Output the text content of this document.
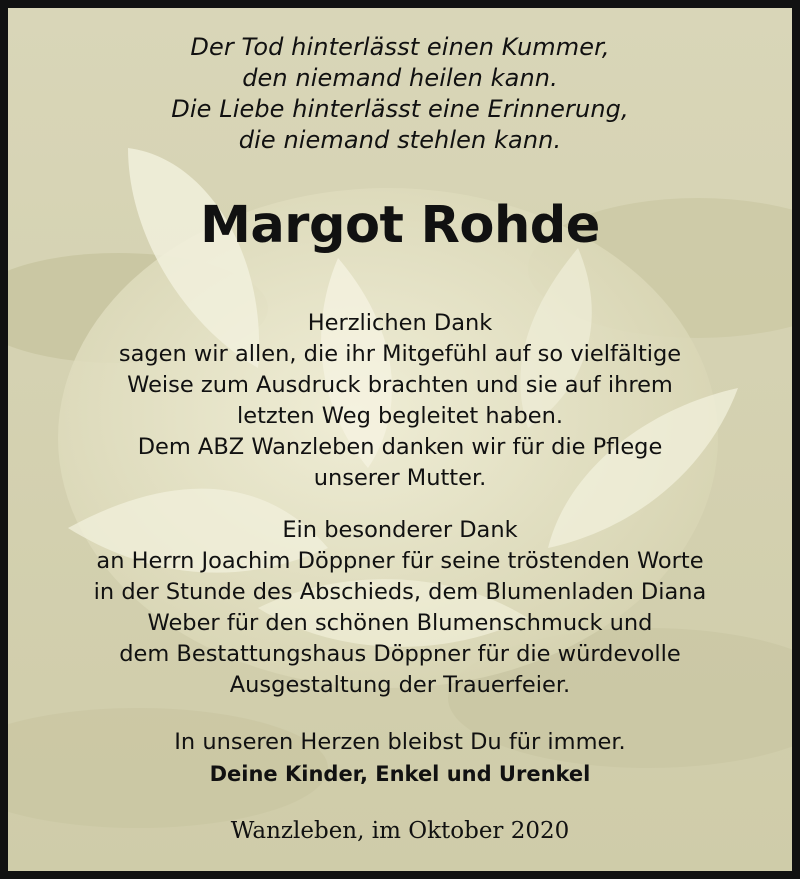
Der Tod hinterlässt einen Kummer,
den niemand heilen kann.
Die Liebe hinterlässt eine Erinnerung,
die niemand stehlen kann.
Margot Rohde
Herzlichen Dank
sagen wir allen, die ihr Mitgefühl auf so vielfältige
Weise zum Ausdruck brachten und sie auf ihrem
letzten Weg begleitet haben.
Dem ABZ Wanzleben danken wir für die Pflege
unserer Mutter.
Ein besonderer Dank
an Herrn Joachim Döppner für seine tröstenden Worte
in der Stunde des Abschieds, dem Blumenladen Diana
Weber für den schönen Blumenschmuck und
dem Bestattungshaus Döppner für die würdevolle
Ausgestaltung der Trauerfeier.
In unseren Herzen bleibst Du für immer.
Deine Kinder, Enkel und Urenkel
Wanzleben, im Oktober 2020
